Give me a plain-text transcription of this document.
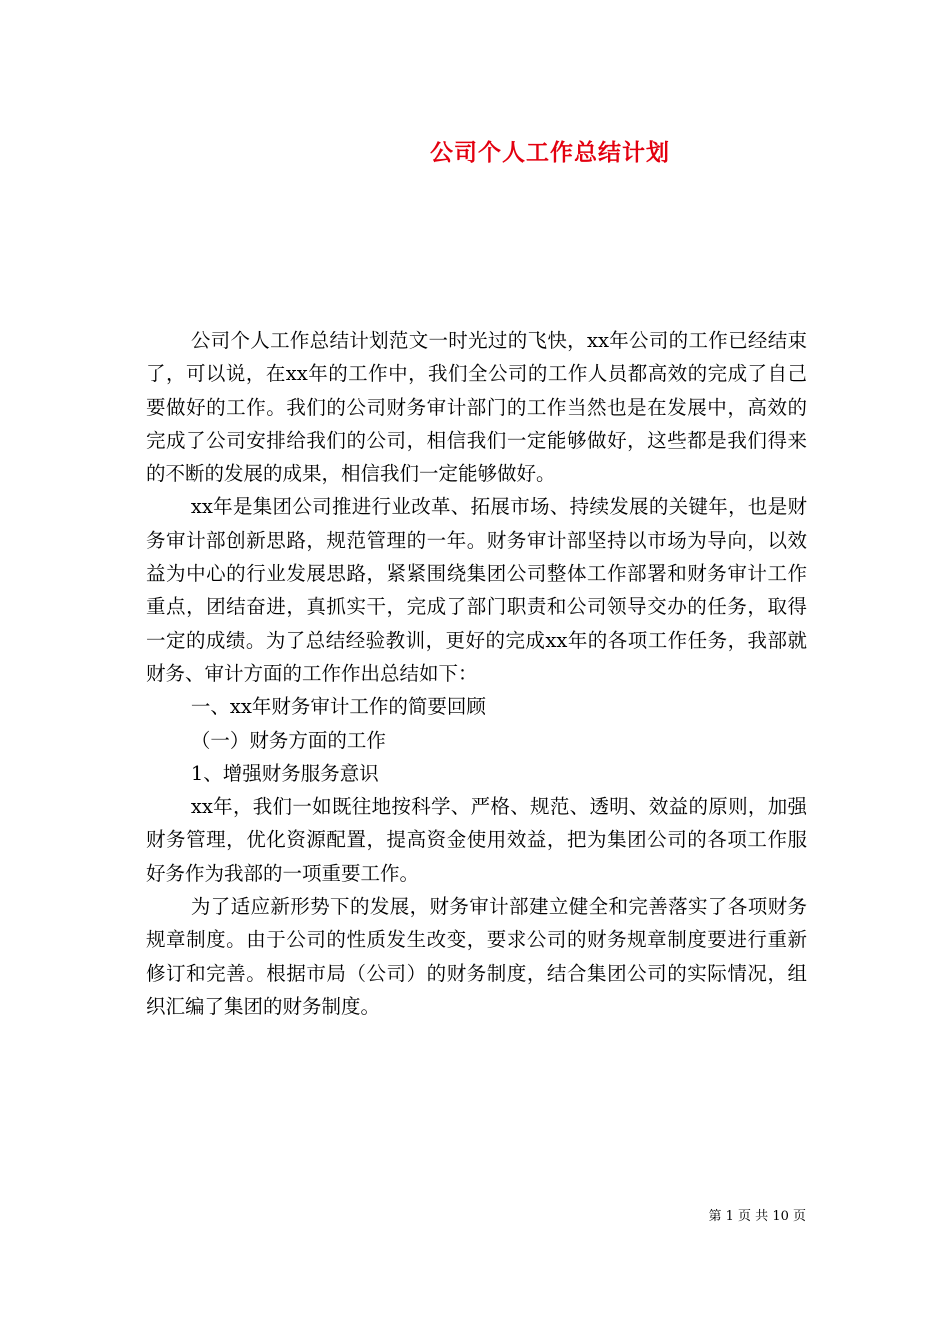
公司个人工作总结计划

公司个人工作总结计划范文一时光过的飞快，xx年公司的工作已经结束了，可以说，在xx年的工作中，我们全公司的工作人员都高效的完成了自己要做好的工作。我们的公司财务审计部门的工作当然也是在发展中，高效的完成了公司安排给我们的公司，相信我们一定能够做好，这些都是我们得来的不断的发展的成果，相信我们一定能够做好。

xx年是集团公司推进行业改革、拓展市场、持续发展的关键年，也是财务审计部创新思路，规范管理的一年。财务审计部坚持以市场为导向，以效益为中心的行业发展思路，紧紧围绕集团公司整体工作部署和财务审计工作重点，团结奋进，真抓实干，完成了部门职责和公司领导交办的任务，取得一定的成绩。为了总结经验教训，更好的完成xx年的各项工作任务，我部就财务、审计方面的工作作出总结如下：

一、xx年财务审计工作的简要回顾

（一）财务方面的工作

1、增强财务服务意识

xx年，我们一如既往地按科学、严格、规范、透明、效益的原则，加强财务管理，优化资源配置，提高资金使用效益，把为集团公司的各项工作服好务作为我部的一项重要工作。

为了适应新形势下的发展，财务审计部建立健全和完善落实了各项财务规章制度。由于公司的性质发生改变，要求公司的财务规章制度要进行重新修订和完善。根据市局（公司）的财务制度，结合集团公司的实际情况，组织汇编了集团的财务制度。

第 1 页 共 10 页
